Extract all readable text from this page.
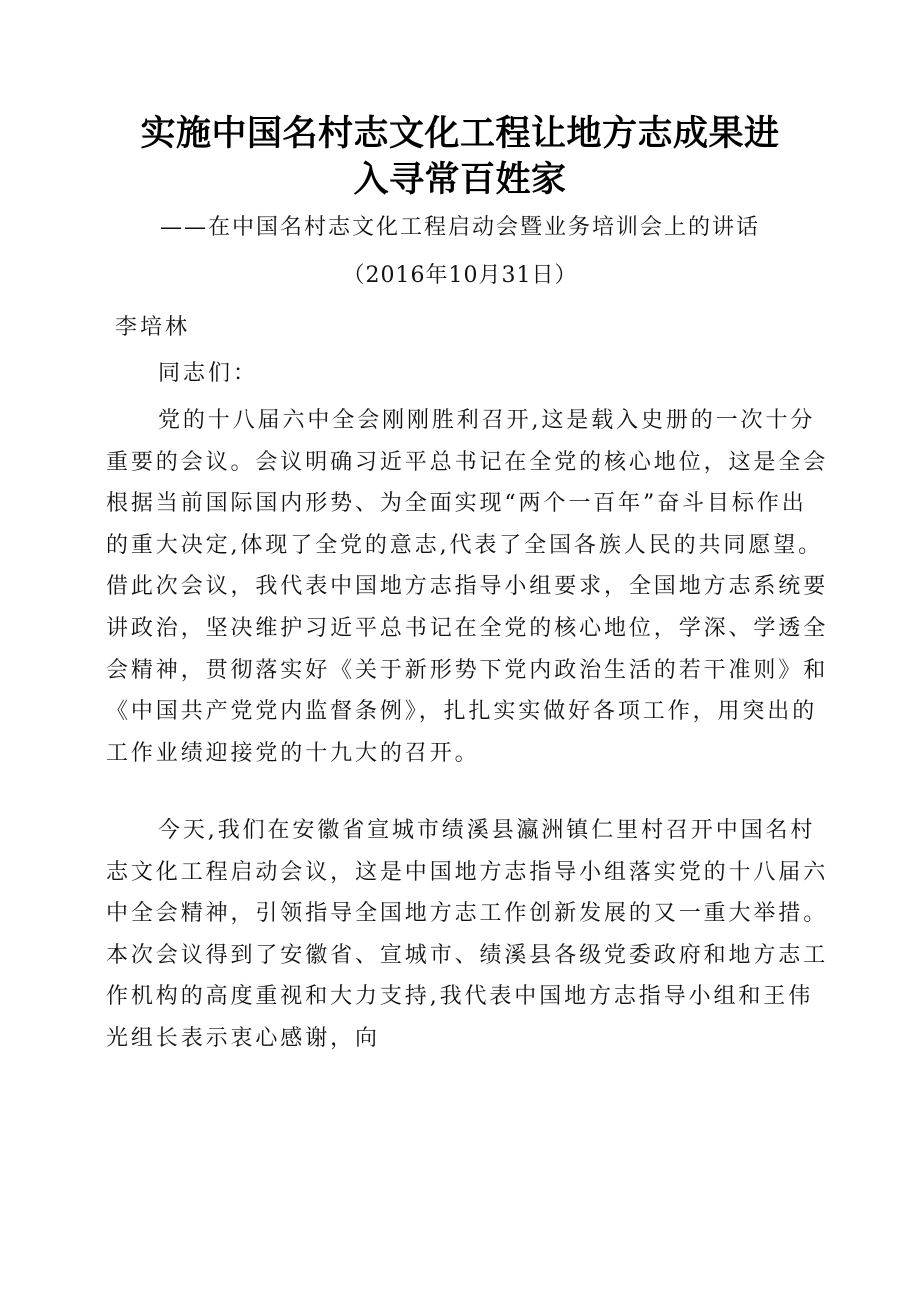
实施中国名村志文化工程让地方志成果进
入寻常百姓家
——在中国名村志文化工程启动会暨业务培训会上的讲话
（2016年10月31日）
李培林
同志们：
党的十八届六中全会刚刚胜利召开,这是载入史册的一次十分
重要的会议。会议明确习近平总书记在全党的核心地位，这是全会
根据当前国际国内形势、为全面实现“两个一百年”奋斗目标作出
的重大决定,体现了全党的意志,代表了全国各族人民的共同愿望。
借此次会议，我代表中国地方志指导小组要求，全国地方志系统要
讲政治，坚决维护习近平总书记在全党的核心地位，学深、学透全
会精神，贯彻落实好《关于新形势下党内政治生活的若干准则》和
《中国共产党党内监督条例》，扎扎实实做好各项工作，用突出的
工作业绩迎接党的十九大的召开。
今天,我们在安徽省宣城市绩溪县瀛洲镇仁里村召开中国名村
志文化工程启动会议，这是中国地方志指导小组落实党的十八届六
中全会精神，引领指导全国地方志工作创新发展的又一重大举措。
本次会议得到了安徽省、宣城市、绩溪县各级党委政府和地方志工
作机构的高度重视和大力支持,我代表中国地方志指导小组和王伟
光组长表示衷心感谢，向
